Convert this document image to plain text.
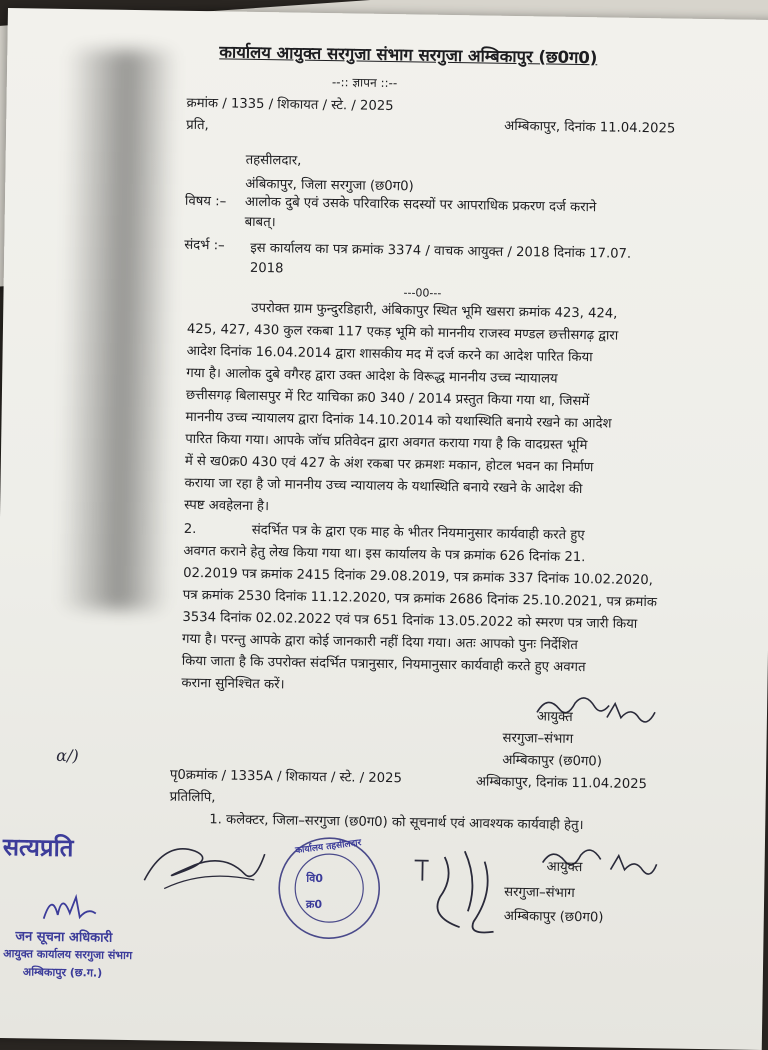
कार्यालय आयुक्त सरगुजा संभाग सरगुजा अम्बिकापुर (छ0ग0)
--:: ज्ञापन ::--
क्रमांक / 1335 / शिकायत / स्टे. / 2025
अम्बिकापुर, दिनांक 11.04.2025
प्रति,
तहसीलदार,
अंबिकापुर, जिला सरगुजा (छ0ग0)
विषय :– आलोक दुबे एवं उसके परिवारिक सदस्यों पर आपराधिक प्रकरण दर्ज कराने
बाबत्।
संदर्भ :– इस कार्यालय का पत्र क्रमांक 3374 / वाचक आयुक्त / 2018 दिनांक 17.07.
2018
---00---
उपरोक्त ग्राम फुन्दुरडिहारी, अंबिकापुर स्थित भूमि खसरा क्रमांक 423, 424,
425, 427, 430 कुल रकबा 117 एकड़ भूमि को माननीय राजस्व मण्डल छत्तीसगढ़ द्वारा
आदेश दिनांक 16.04.2014 द्वारा शासकीय मद में दर्ज करने का आदेश पारित किया
गया है। आलोक दुबे वगैरह द्वारा उक्त आदेश के विरूद्ध माननीय उच्च न्यायालय
छत्तीसगढ़ बिलासपुर में रिट याचिका क्र0 340 / 2014 प्रस्तुत किया गया था, जिसमें
माननीय उच्च न्यायालय द्वारा दिनांक 14.10.2014 को यथास्थिति बनाये रखने का आदेश
पारित किया गया। आपके जॉच प्रतिवेदन द्वारा अवगत कराया गया है कि वादग्रस्त भूमि
में से ख0क्र0 430 एवं 427 के अंश रकबा पर क्रमशः मकान, होटल भवन का निर्माण
कराया जा रहा है जो माननीय उच्च न्यायालय के यथास्थिति बनाये रखने के आदेश की
स्पष्ट अवहेलना है।
2.	संदर्भित पत्र के द्वारा एक माह के भीतर नियमानुसार कार्यवाही करते हुए
अवगत कराने हेतु लेख किया गया था। इस कार्यालय के पत्र क्रमांक 626 दिनांक 21.
02.2019 पत्र क्रमांक 2415 दिनांक 29.08.2019, पत्र क्रमांक 337 दिनांक 10.02.2020,
पत्र क्रमांक 2530 दिनांक 11.12.2020, पत्र क्रमांक 2686 दिनांक 25.10.2021, पत्र क्रमांक
3534 दिनांक 02.02.2022 एवं पत्र 651 दिनांक 13.05.2022 को स्मरण पत्र जारी किया
गया है। परन्तु आपके द्वारा कोई जानकारी नहीं दिया गया। अतः आपको पुनः निर्देशित
किया जाता है कि उपरोक्त संदर्भित पत्रानुसार, नियमानुसार कार्यवाही करते हुए अवगत
कराना सुनिश्चित करें।
आयुक्त
सरगुजा–संभाग
अम्बिकापुर (छ0ग0)
ɑ/)
पृ0क्रमांक / 1335A / शिकायत / स्टे. / 2025	अम्बिकापुर, दिनांक 11.04.2025
प्रतिलिपि,
1. कलेक्टर, जिला–सरगुजा (छ0ग0) को सूचनार्थ एवं आवश्यक कार्यवाही हेतु।
आयुक्त
सरगुजा–संभाग
अम्बिकापुर (छ0ग0)
सत्यप्रति
जन सूचना अधिकारी
आयुक्त कार्यालय सरगुजा संभाग
अम्बिकापुर (छ.ग.)
कार्यालय तहसीलदार
वि0
क्र0
